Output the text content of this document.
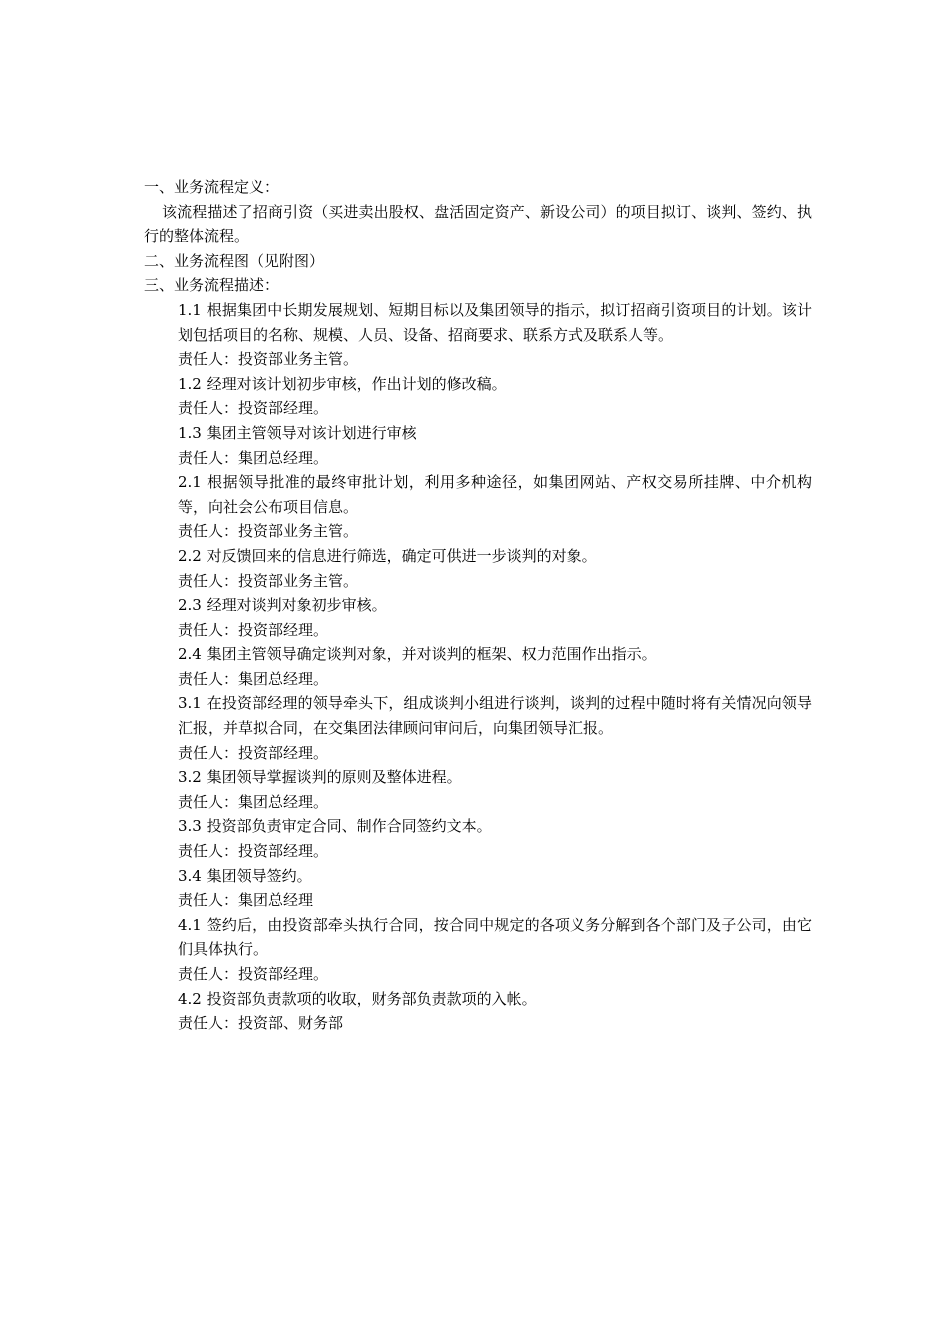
一、业务流程定义：

该流程描述了招商引资（买进卖出股权、盘活固定资产、新设公司）的项目拟订、谈判、签约、执行的整体流程。

二、业务流程图（见附图）

三、业务流程描述：

1.1 根据集团中长期发展规划、短期目标以及集团领导的指示，拟订招商引资项目的计划。该计划包括项目的名称、规模、人员、设备、招商要求、联系方式及联系人等。

责任人：投资部业务主管。

1.2 经理对该计划初步审核，作出计划的修改稿。

责任人：投资部经理。

1.3 集团主管领导对该计划进行审核

责任人：集团总经理。

2.1 根据领导批准的最终审批计划，利用多种途径，如集团网站、产权交易所挂牌、中介机构等，向社会公布项目信息。

责任人：投资部业务主管。

2.2 对反馈回来的信息进行筛选，确定可供进一步谈判的对象。

责任人：投资部业务主管。

2.3 经理对谈判对象初步审核。

责任人：投资部经理。

2.4 集团主管领导确定谈判对象，并对谈判的框架、权力范围作出指示。

责任人：集团总经理。

3.1 在投资部经理的领导牵头下，组成谈判小组进行谈判，谈判的过程中随时将有关情况向领导汇报，并草拟合同，在交集团法律顾问审问后，向集团领导汇报。

责任人：投资部经理。

3.2 集团领导掌握谈判的原则及整体进程。

责任人：集团总经理。

3.3 投资部负责审定合同、制作合同签约文本。

责任人：投资部经理。

3.4 集团领导签约。

责任人：集团总经理

4.1 签约后，由投资部牵头执行合同，按合同中规定的各项义务分解到各个部门及子公司，由它们具体执行。

责任人：投资部经理。

4.2 投资部负责款项的收取，财务部负责款项的入帐。

责任人：投资部、财务部
